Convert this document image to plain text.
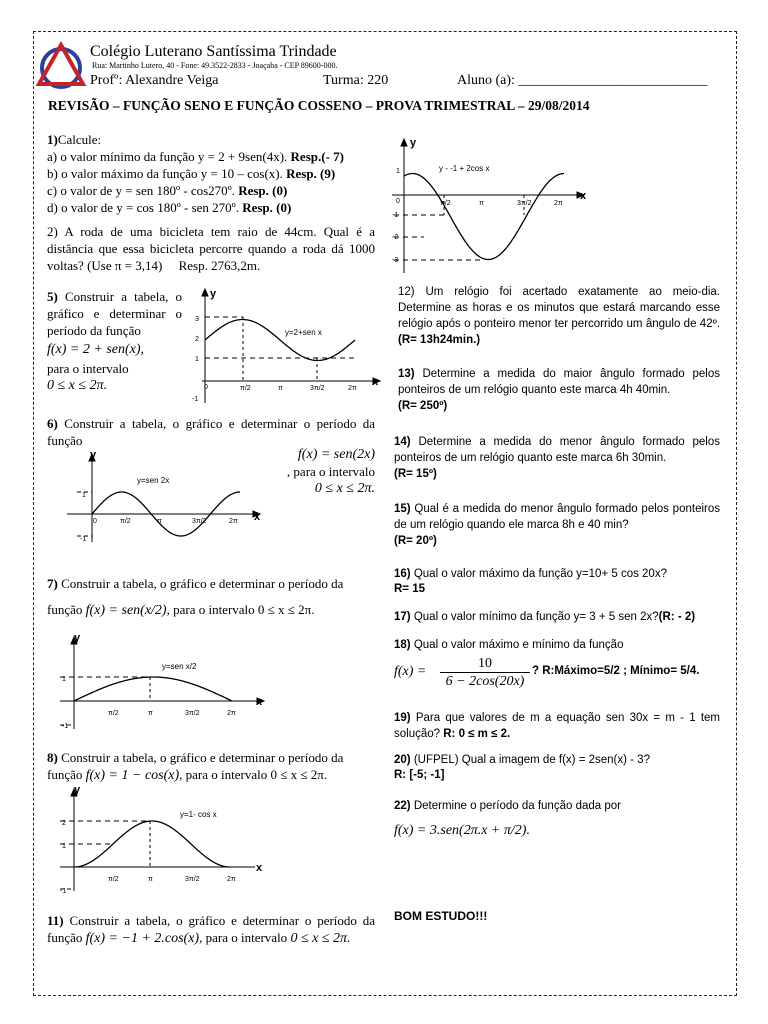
Colégio Luterano Santíssima Trindade
Rua: Martinho Lutero, 40 - Fone: 49.3522-2833 - Joaçaba - CEP 89600-000.
Profº: Alexandre Veiga	Turma: 220	Aluno (a): ___________________________
REVISÃO – FUNÇÃO SENO E FUNÇÃO COSSENO – PROVA TRIMESTRAL – 29/08/2014
1)Calcule:
a) o valor mínimo da função y = 2 + 9sen(4x). Resp.(- 7)
b) o valor máximo da função y = 10 – cos(x). Resp. (9)
c) o valor de y = sen 180º - cos270º. Resp. (0)
d) o valor de y = cos 180º - sen 270º. Resp. (0)
2) A roda de uma bicicleta tem raio de 44cm. Qual é a distância que essa bicicleta percorre quando a roda dá 1000 voltas? (Use π = 3,14) Resp. 2763,2m.
5) Construir a tabela, o gráfico e determinar o período da função
f(x) = 2 + sen(x),
para o intervalo
0 ≤ x ≤ 2π.
y
x
3
2
1
-1
0	π/2	π	3π/2	2π
y=2+sen x
6) Construir a tabela, o gráfico e determinar o período da função
f(x) = sen(2x)
, para o intervalo
0 ≤ x ≤ 2π.
y
x
1
-1
0	π/2	π	3π/2	2π
y=sen 2x
7) Construir a tabela, o gráfico e determinar o período da
função f(x) = sen(x/2), para o intervalo 0 ≤ x ≤ 2π.
y
x
1
-1
π/2	π	3π/2	2π
y=sen x/2
8) Construir a tabela, o gráfico e determinar o período da
função f(x) = 1 − cos(x), para o intervalo 0 ≤ x ≤ 2π.
y
x
2
1
-1
π/2	π	3π/2	2π
y=1- cos x
11) Construir a tabela, o gráfico e determinar o período da função f(x) = −1 + 2.cos(x), para o intervalo 0 ≤ x ≤ 2π.
y
x
1
-1
-2
-3
0	π/2	π	3π/2	2π
y - -1 + 2cos x
12) Um relógio foi acertado exatamente ao meio-dia. Determine as horas e os minutos que estará marcando esse relógio após o ponteiro menor ter percorrido um ângulo de 42º. (R= 13h24min.)
13) Determine a medida do maior ângulo formado pelos ponteiros de um relógio quanto este marca 4h 40min.
(R= 250º)
14) Determine a medida do menor ângulo formado pelos ponteiros de um relógio quanto este marca 6h 30min.
(R= 15º)
15) Qual é a medida do menor ângulo formado pelos ponteiros de um relógio quando ele marca 8h e 40 min?
(R= 20º)
16) Qual o valor máximo da função y=10+ 5 cos 20x?
R= 15
17) Qual o valor mínimo da função y= 3 + 5 sen 2x?(R: - 2)
18) Qual o valor máximo e mínimo da função
f(x) =
10
6 − 2cos(20x)
? R:Máximo=5/2 ; Mínimo= 5/4.
19) Para que valores de m a equação sen 30x = m - 1 tem solução? R: 0 ≤ m ≤ 2.
20) (UFPEL) Qual a imagem de f(x) = 2sen(x) - 3?
R: [-5; -1]
22) Determine o período da função dada por
f(x) = 3.sen(2π.x + π/2).
BOM ESTUDO!!!
